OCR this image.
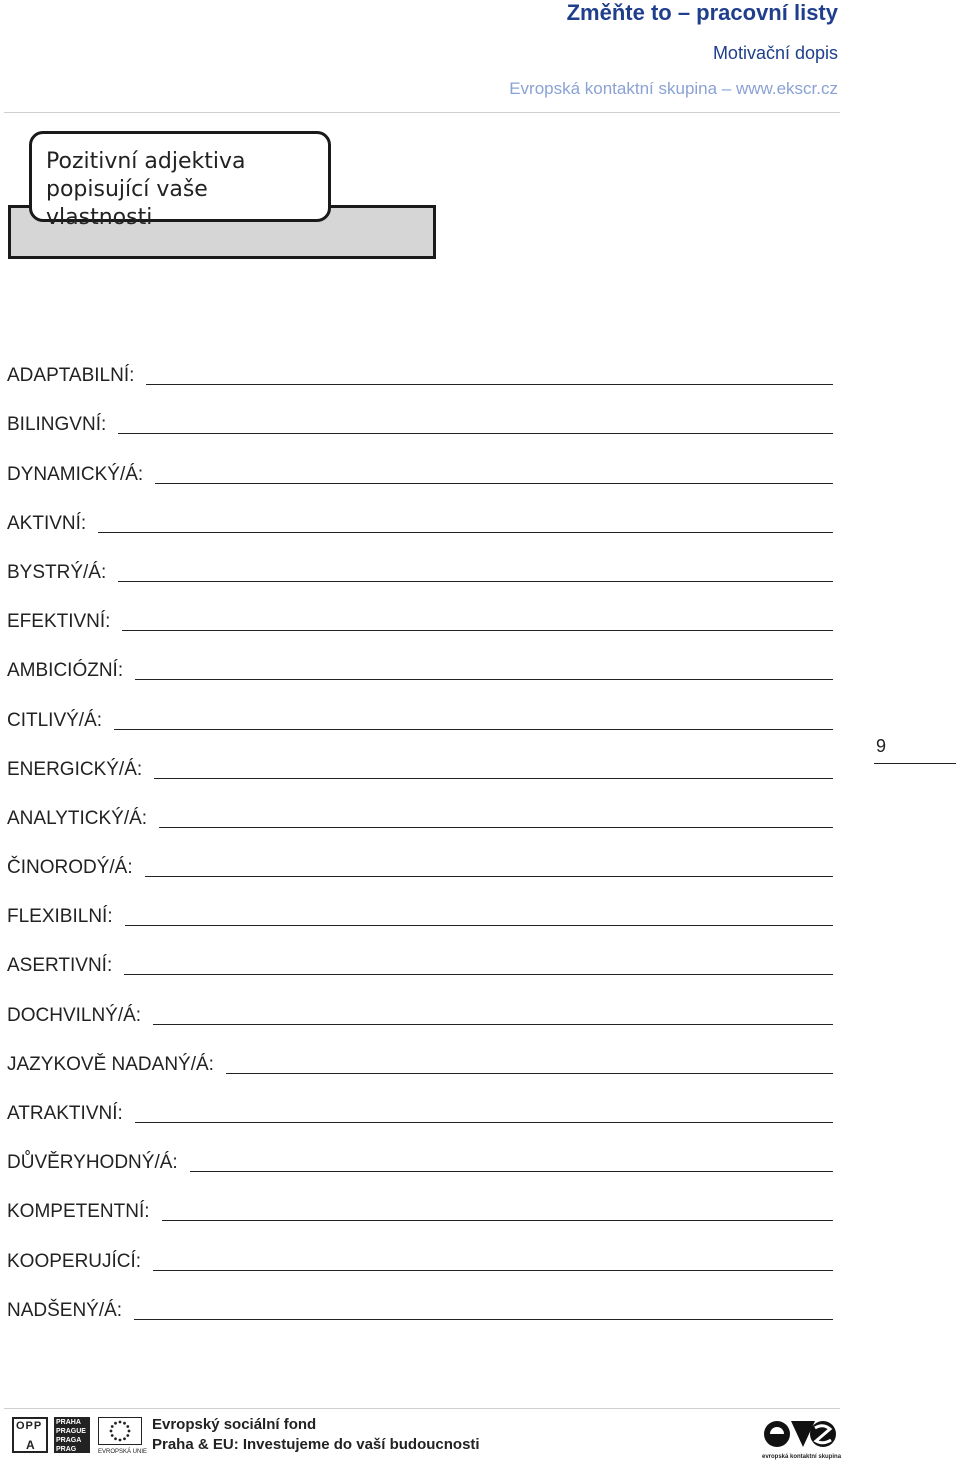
Změňte to – pracovní listy
Motivační dopis
Evropská kontaktní skupina – www.ekscr.cz
Pozitivní adjektiva
popisující vaše vlastnosti
ADAPTABILNÍ:
BILINGVNÍ:
DYNAMICKÝ/Á:
AKTIVNÍ:
BYSTRÝ/Á:
EFEKTIVNÍ:
AMBICIÓZNÍ:
CITLIVÝ/Á:
ENERGICKÝ/Á:
ANALYTICKÝ/Á:
ČINORODÝ/Á:
FLEXIBILNÍ:
ASERTIVNÍ:
DOCHVILNÝ/Á:
JAZYKOVĚ NADANÝ/Á:
ATRAKTIVNÍ:
DŮVĚRYHODNÝ/Á:
KOMPETENTNÍ:
KOOPERUJÍCÍ:
NADŠENÝ/Á:
9
OPP
A
PRAHA PRAGUE PRAGA PRAG	EVROPSKÁ UNIE
Evropský sociální fond
Praha & EU: Investujeme do vaší budoucnosti
evropská kontaktní skupina
